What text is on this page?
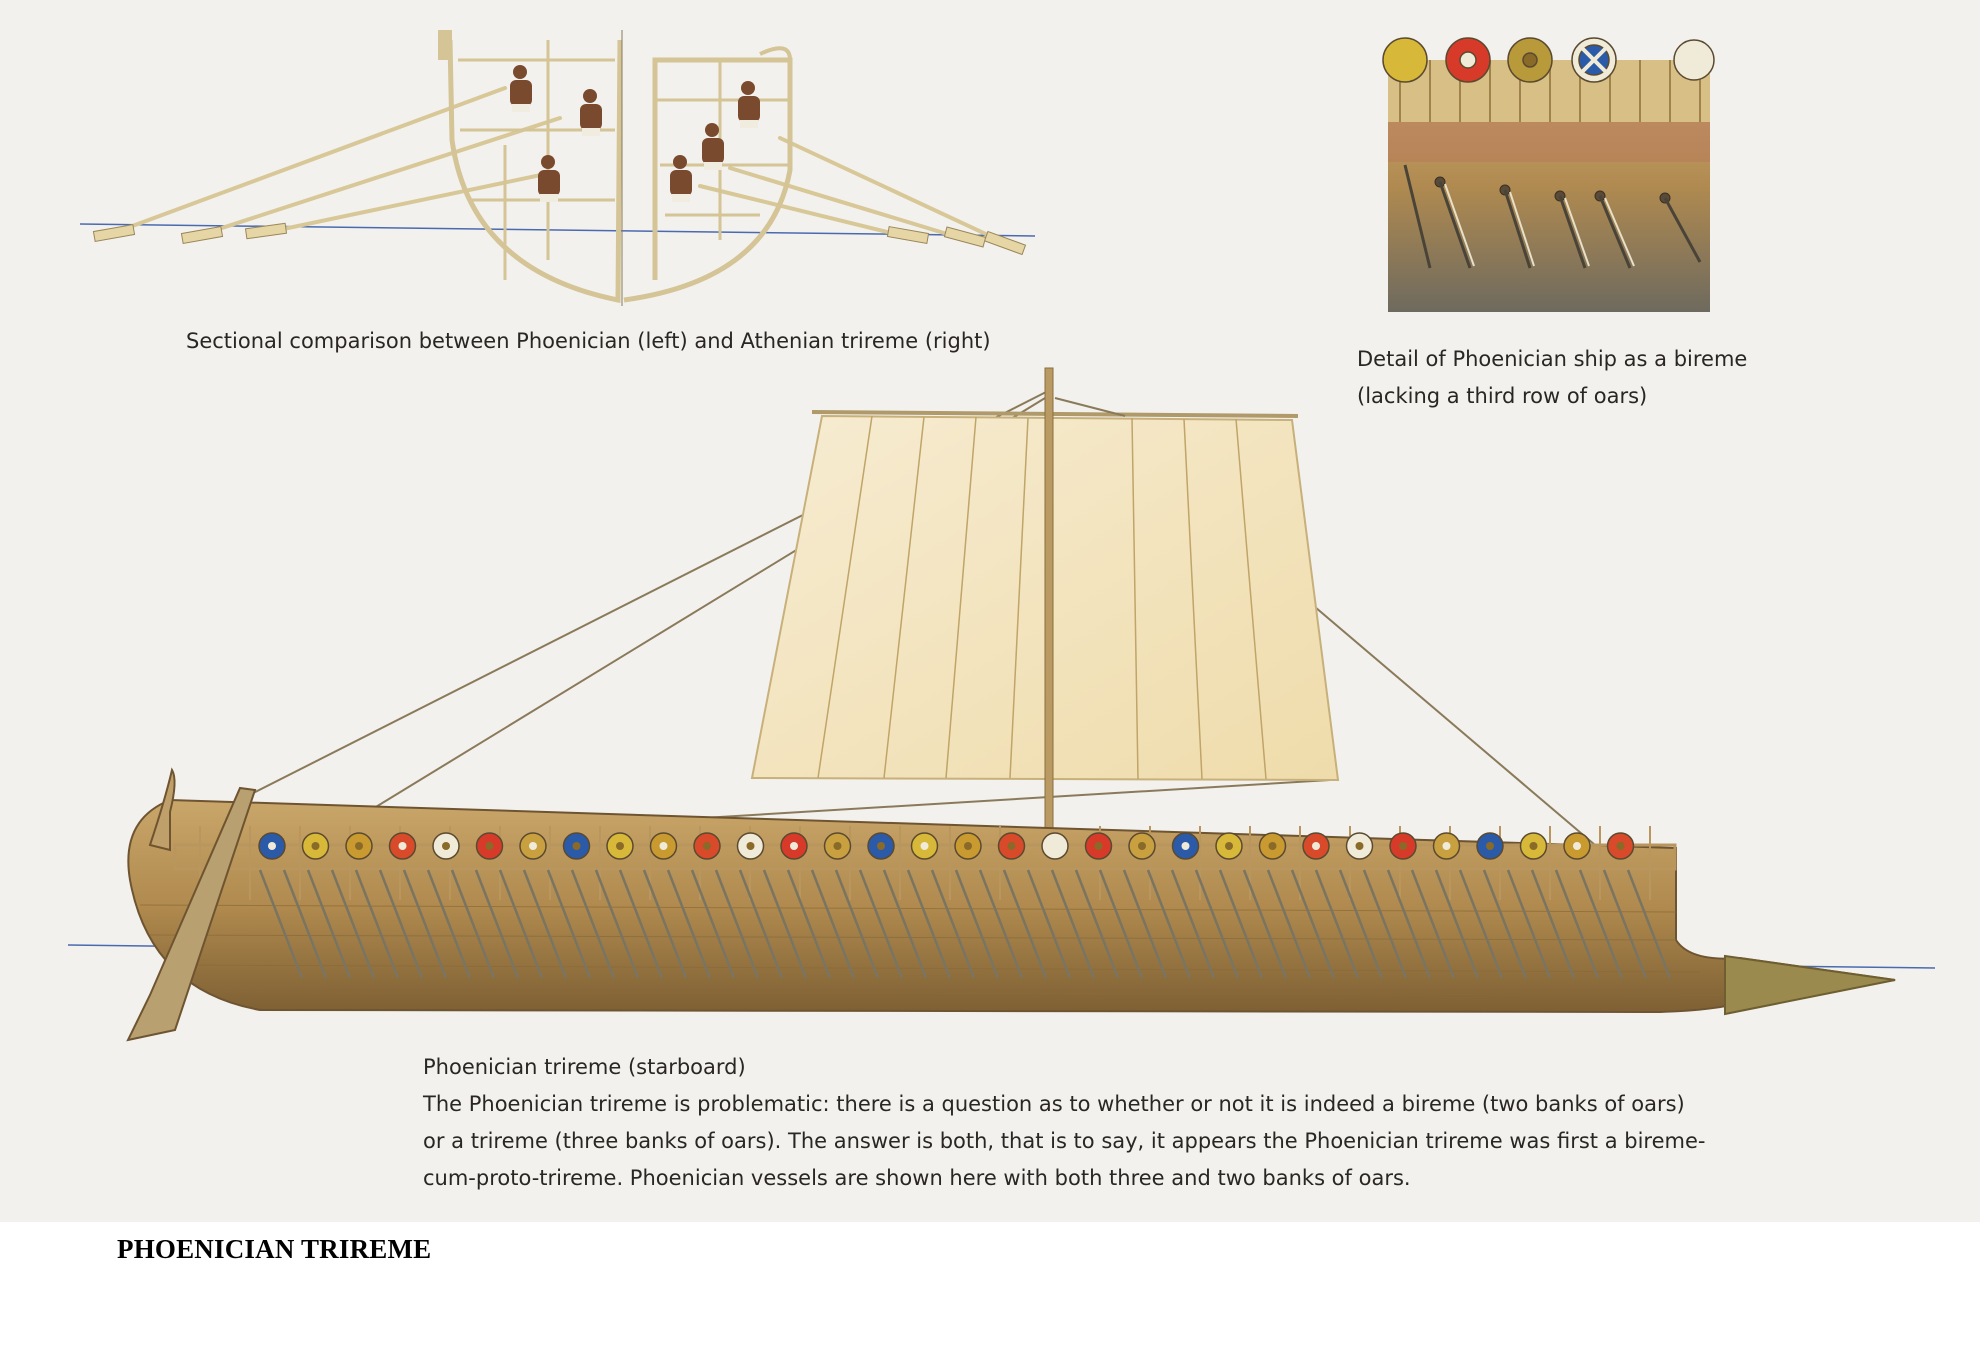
Sectional comparison between Phoenician (left) and Athenian trireme (right)
Detail of Phoenician ship as a bireme
(lacking a third row of oars)
Phoenician trireme (starboard)
The Phoenician trireme is problematic: there is a question as to whether or not it is indeed a bireme (two banks of oars)
or a trireme (three banks of oars). The answer is both, that is to say, it appears the Phoenician trireme was first a bireme-
cum-proto-trireme. Phoenician vessels are shown here with both three and two banks of oars.
PHOENICIAN TRIREME
